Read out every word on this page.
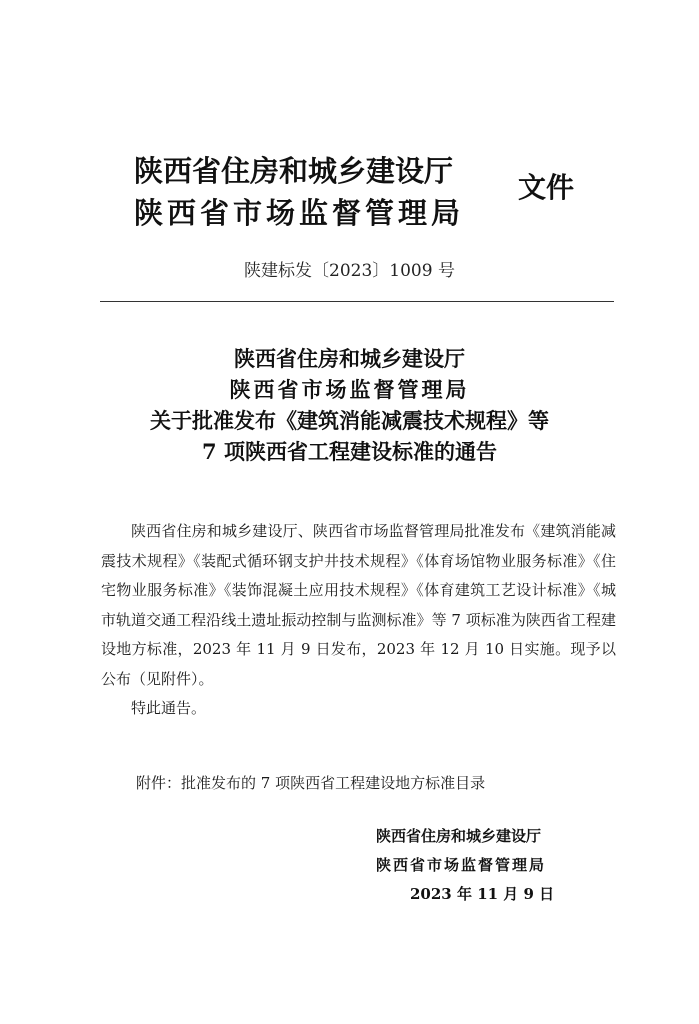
陕西省住房和城乡建设厅
陕西省市场监督管理局
文件
陕建标发〔2023〕1009 号
陕西省住房和城乡建设厅
陕西省市场监督管理局
关于批准发布《建筑消能减震技术规程》等
7 项陕西省工程建设标准的通告

陕西省住房和城乡建设厅、陕西省市场监督管理局批准发布《建筑消能减震技术规程》《装配式循环钢支护井技术规程》《体育场馆物业服务标准》《住宅物业服务标准》《装饰混凝土应用技术规程》《体育建筑工艺设计标准》《城市轨道交通工程沿线土遗址振动控制与监测标准》等 7 项标准为陕西省工程建设地方标准，2023 年 11 月 9 日发布，2023 年 12 月 10 日实施。现予以公布（见附件）。

特此通告。

附件：批准发布的 7 项陕西省工程建设地方标准目录
陕西省住房和城乡建设厅
陕西省市场监督管理局
2023 年 11 月 9 日
